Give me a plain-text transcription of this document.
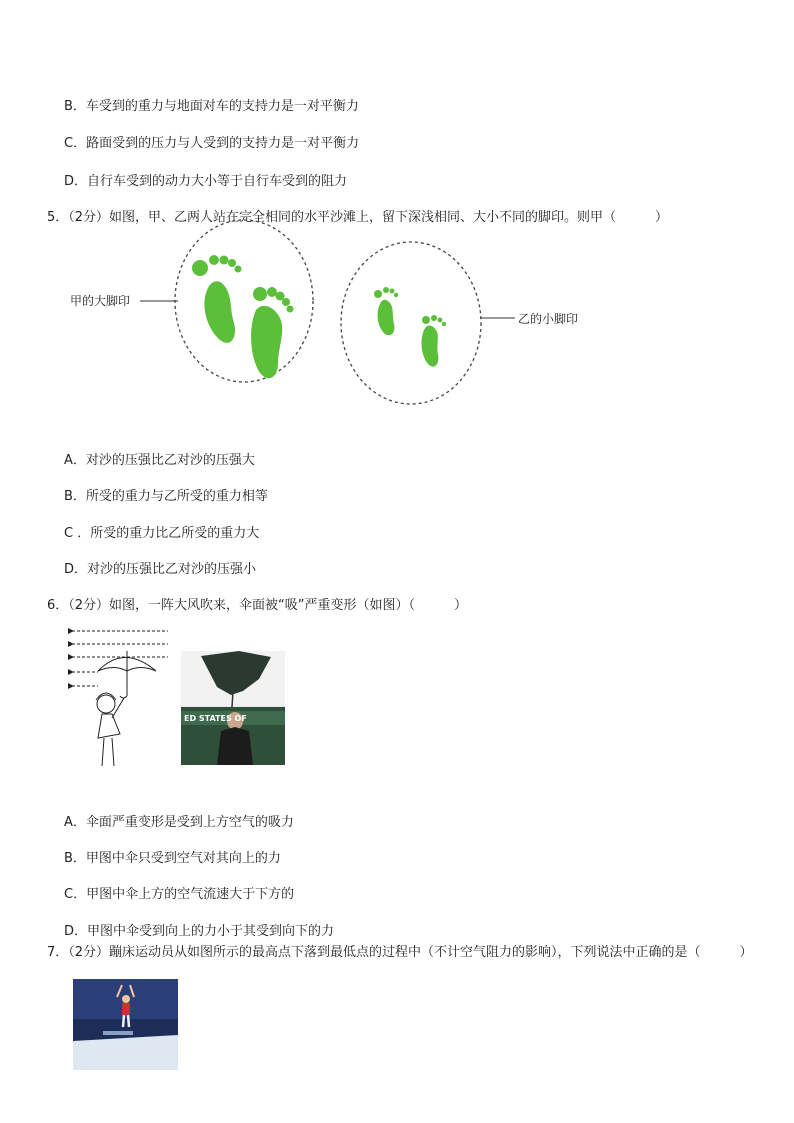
B．车受到的重力与地面对车的支持力是一对平衡力
C．路面受到的压力与人受到的支持力是一对平衡力
D．自行车受到的动力大小等于自行车受到的阻力
5．（2分）如图，甲、乙两人站在完全相同的水平沙滩上，留下深浅相同、大小不同的脚印。则甲（　　　）
甲的大脚印
乙的小脚印
A．对沙的压强比乙对沙的压强大
B．所受的重力与乙所受的重力相等
C ．所受的重力比乙所受的重力大
D．对沙的压强比乙对沙的压强小
6．（2分）如图，一阵大风吹来，伞面被“吸”严重变形（如图）（　　　）
ED STATES OF
A．伞面严重变形是受到上方空气的吸力
B．甲图中伞只受到空气对其向上的力
C．甲图中伞上方的空气流速大于下方的
D．甲图中伞受到向上的力小于其受到向下的力
7．（2分）蹦床运动员从如图所示的最高点下落到最低点的过程中（不计空气阻力的影响），下列说法中正确的是（　　　）
